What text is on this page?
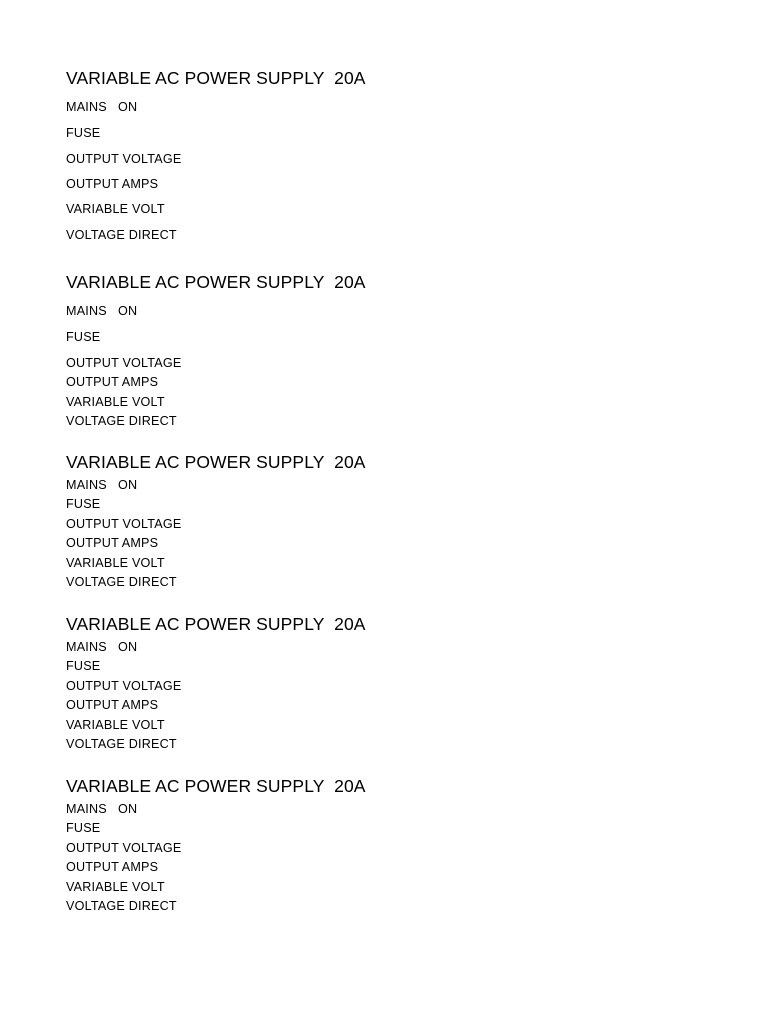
VARIABLE AC POWER SUPPLY  20A
MAINS   ON
FUSE
OUTPUT VOLTAGE
OUTPUT AMPS
VARIABLE VOLT
VOLTAGE DIRECT
VARIABLE AC POWER SUPPLY  20A
MAINS   ON
FUSE
OUTPUT VOLTAGE
OUTPUT AMPS
VARIABLE VOLT
VOLTAGE DIRECT
VARIABLE AC POWER SUPPLY  20A
MAINS   ON
FUSE
OUTPUT VOLTAGE
OUTPUT AMPS
VARIABLE VOLT
VOLTAGE DIRECT
VARIABLE AC POWER SUPPLY  20A
MAINS   ON
FUSE
OUTPUT VOLTAGE
OUTPUT AMPS
VARIABLE VOLT
VOLTAGE DIRECT
VARIABLE AC POWER SUPPLY  20A
MAINS   ON
FUSE
OUTPUT VOLTAGE
OUTPUT AMPS
VARIABLE VOLT
VOLTAGE DIRECT
